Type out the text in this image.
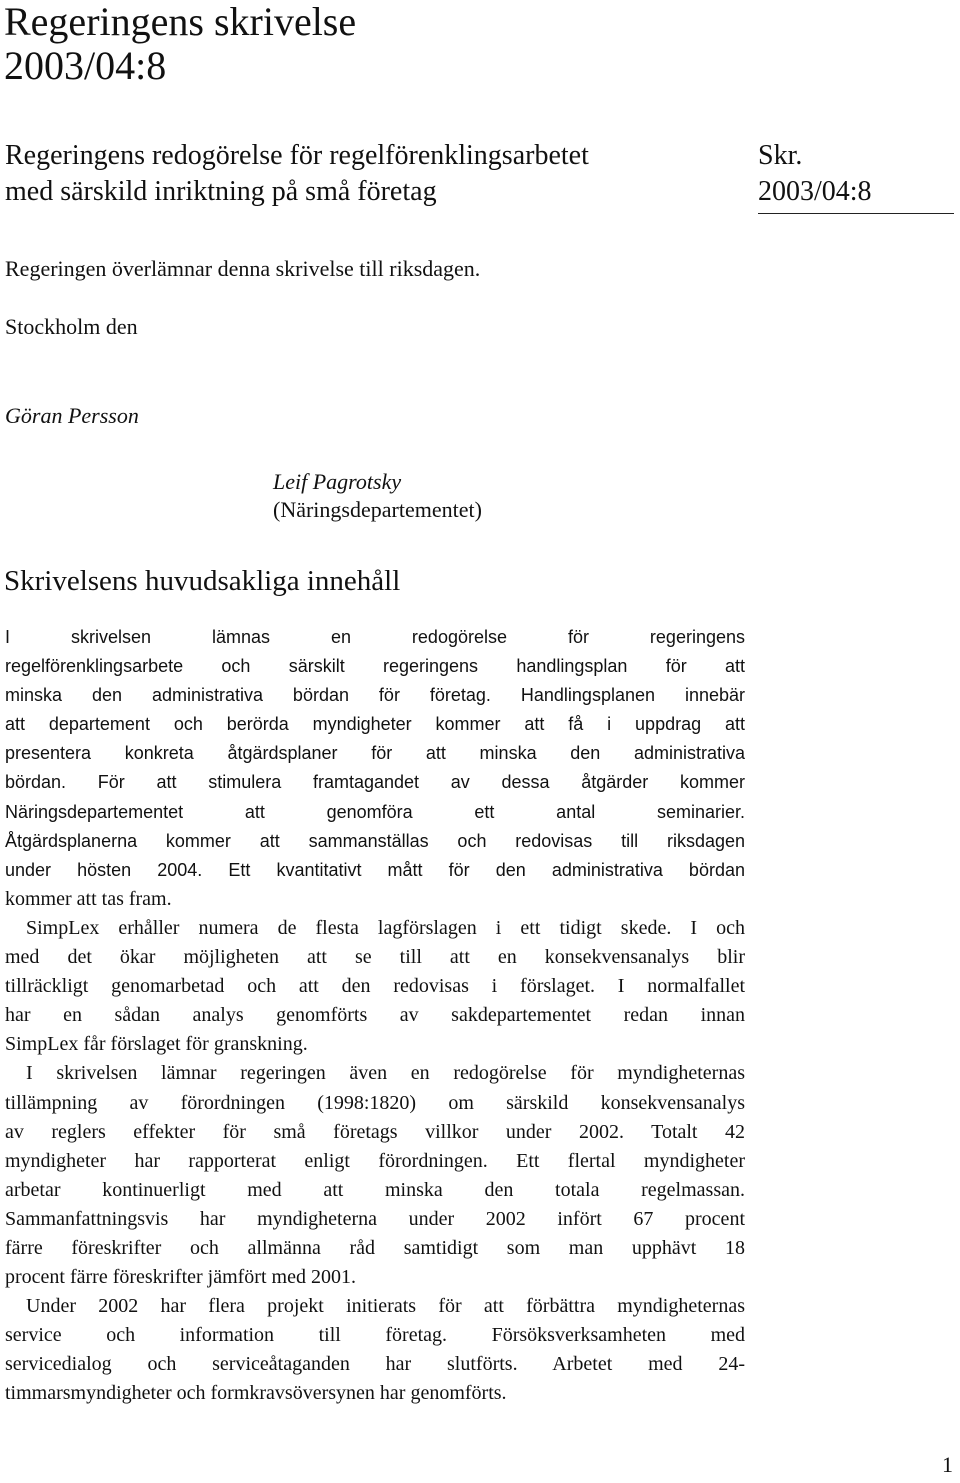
Regeringens skrivelse
2003/04:8
Regeringens redogörelse för regelförenklingsarbetet
med särskild inriktning på små företag
Skr.
2003/04:8

Regeringen överlämnar denna skrivelse till riksdagen.

Stockholm den

Göran Persson

Leif Pagrotsky

(Näringsdepartementet)

Skrivelsens huvudsakliga innehåll
I skrivelsen lämnas en redogörelse för regeringens
regelförenklingsarbete och särskilt regeringens handlingsplan för att
minska den administrativa bördan för företag. Handlingsplanen innebär
att departement och berörda myndigheter kommer att få i uppdrag att
presentera konkreta åtgärdsplaner för att minska den administrativa
bördan. För att stimulera framtagandet av dessa åtgärder kommer
Näringsdepartementet att genomföra ett antal seminarier.
Åtgärdsplanerna kommer att sammanställas och redovisas till riksdagen
under hösten 2004. Ett kvantitativt mått för den administrativa bördan
kommer att tas fram.
SimpLex erhåller numera de flesta lagförslagen i ett tidigt skede. I och
med det ökar möjligheten att se till att en konsekvensanalys blir
tillräckligt genomarbetad och att den redovisas i förslaget. I normalfallet
har en sådan analys genomförts av sakdepartementet redan innan
SimpLex får förslaget för granskning.
I skrivelsen lämnar regeringen även en redogörelse för myndigheternas
tillämpning av förordningen (1998:1820) om särskild konsekvensanalys
av reglers effekter för små företags villkor under 2002. Totalt 42
myndigheter har rapporterat enligt förordningen. Ett flertal myndigheter
arbetar kontinuerligt med att minska den totala regelmassan.
Sammanfattningsvis har myndigheterna under 2002 infört 67 procent
färre föreskrifter och allmänna råd samtidigt som man upphävt 18
procent färre föreskrifter jämfört med 2001.
Under 2002 har flera projekt initierats för att förbättra myndigheternas
service och information till företag. Försöksverksamheten med
servicedialog och serviceåtaganden har slutförts. Arbetet med 24-
timmarsmyndigheter och formkravsöversynen har genomförts.
1
